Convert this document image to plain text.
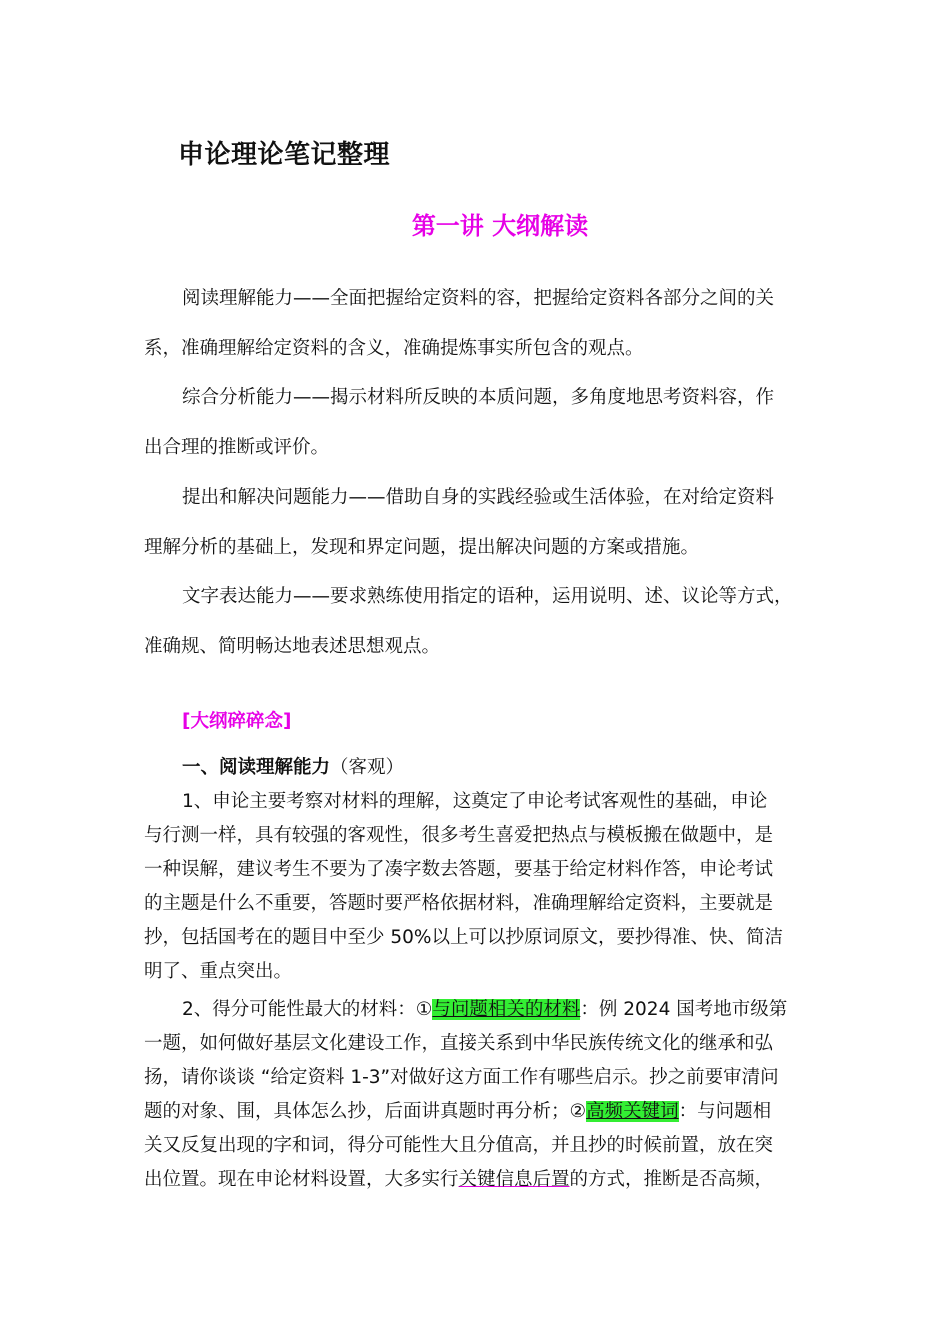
申论理论笔记整理
第一讲 大纲解读

阅读理解能力——全面把握给定资料的容，把握给定资料各部分之间的关

系，准确理解给定资料的含义，准确提炼事实所包含的观点。

综合分析能力——揭示材料所反映的本质问题，多角度地思考资料容，作

出合理的推断或评价。

提出和解决问题能力——借助自身的实践经验或生活体验，在对给定资料

理解分析的基础上，发现和界定问题，提出解决问题的方案或措施。

文字表达能力——要求熟练使用指定的语种，运用说明、述、议论等方式，

准确规、简明畅达地表述思想观点。

[大纲碎碎念]

一、阅读理解能力（客观）

1、申论主要考察对材料的理解，这奠定了申论考试客观性的基础，申论

与行测一样，具有较强的客观性，很多考生喜爱把热点与模板搬在做题中，是

一种误解，建议考生不要为了凑字数去答题，要基于给定材料作答，申论考试

的主题是什么不重要，答题时要严格依据材料，准确理解给定资料，主要就是

抄，包括国考在的题目中至少 50%以上可以抄原词原文，要抄得准、快、简洁

明了、重点突出。

2、得分可能性最大的材料：①与问题相关的材料：例 2024 国考地市级第

一题，如何做好基层文化建设工作，直接关系到中华民族传统文化的继承和弘

扬，请你谈谈 “给定资料 1-3”对做好这方面工作有哪些启示。抄之前要审清问

题的对象、围，具体怎么抄，后面讲真题时再分析；②高频关键词：与问题相

关又反复出现的字和词，得分可能性大且分值高，并且抄的时候前置，放在突

出位置。现在申论材料设置，大多实行关键信息后置的方式，推断是否高频，
